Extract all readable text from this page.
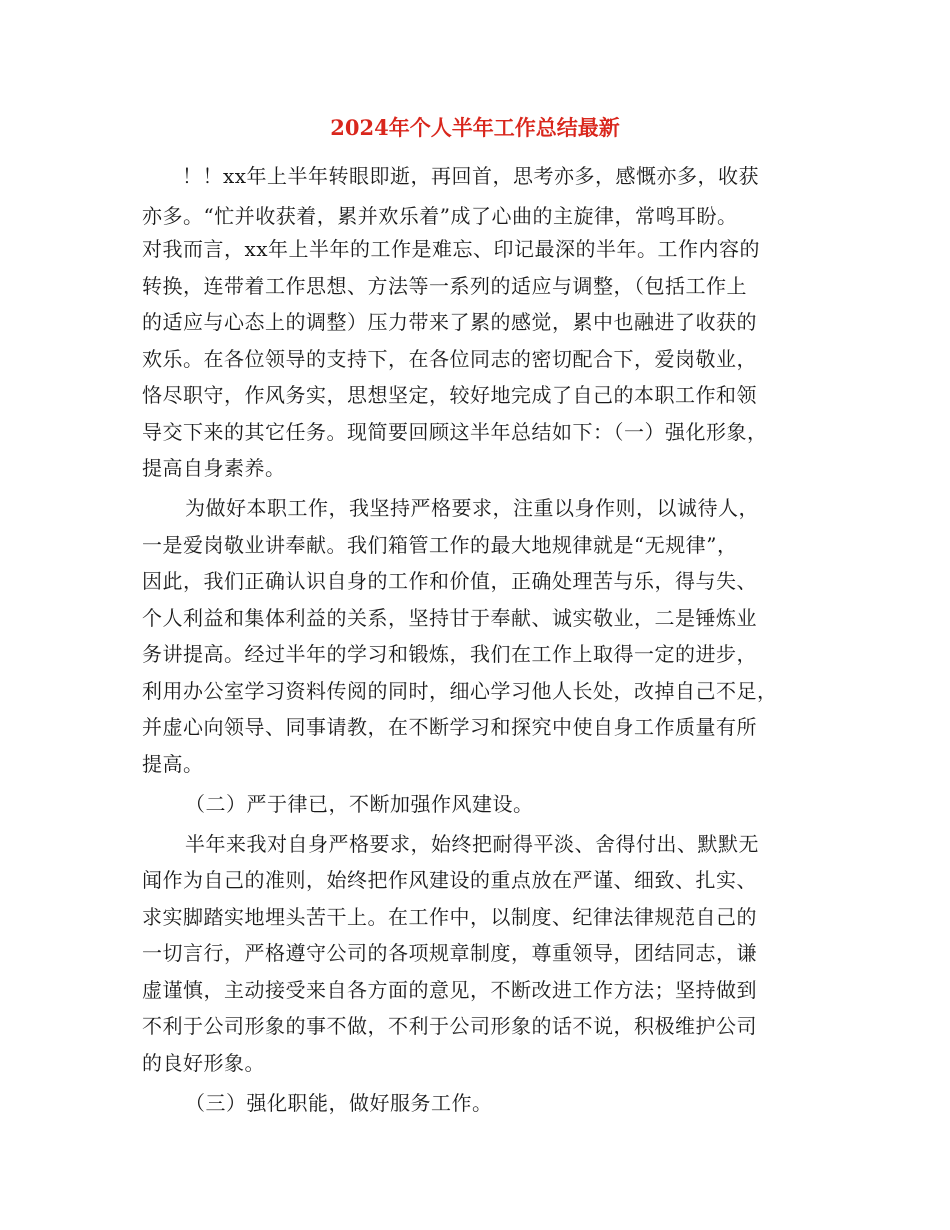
2024年个人半年工作总结最新
！！xx年上半年转眼即逝，再回首，思考亦多，感慨亦多，收获
亦多。“忙并收获着，累并欢乐着”成了心曲的主旋律，常鸣耳盼。
对我而言，xx年上半年的工作是难忘、印记最深的半年。工作内容的
转换，连带着工作思想、方法等一系列的适应与调整，（包括工作上
的适应与心态上的调整）压力带来了累的感觉，累中也融进了收获的
欢乐。在各位领导的支持下，在各位同志的密切配合下，爱岗敬业，
恪尽职守，作风务实，思想坚定，较好地完成了自己的本职工作和领
导交下来的其它任务。现简要回顾这半年总结如下：（一）强化形象，
提高自身素养。
为做好本职工作，我坚持严格要求，注重以身作则，以诚待人，
一是爱岗敬业讲奉献。我们箱管工作的最大地规律就是“无规律”，
因此，我们正确认识自身的工作和价值，正确处理苦与乐，得与失、
个人利益和集体利益的关系，坚持甘于奉献、诚实敬业，二是锤炼业
务讲提高。经过半年的学习和锻炼，我们在工作上取得一定的进步，
利用办公室学习资料传阅的同时，细心学习他人长处，改掉自己不足，
并虚心向领导、同事请教，在不断学习和探究中使自身工作质量有所
提高。
（二）严于律已，不断加强作风建设。
半年来我对自身严格要求，始终把耐得平淡、舍得付出、默默无
闻作为自己的准则，始终把作风建设的重点放在严谨、细致、扎实、
求实脚踏实地埋头苦干上。在工作中，以制度、纪律法律规范自己的
一切言行，严格遵守公司的各项规章制度，尊重领导，团结同志，谦
虚谨慎，主动接受来自各方面的意见，不断改进工作方法；坚持做到
不利于公司形象的事不做，不利于公司形象的话不说，积极维护公司
的良好形象。
（三）强化职能，做好服务工作。
